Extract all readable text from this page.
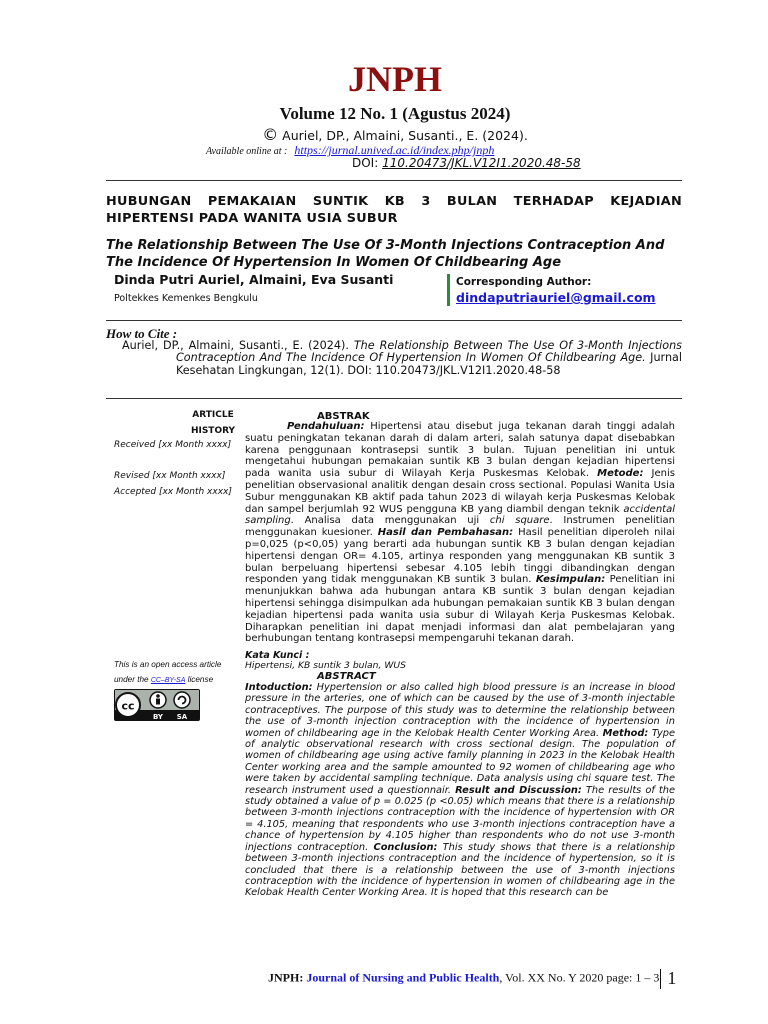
JNPH
Volume 12 No. 1 (Agustus 2024)
© Auriel, DP., Almaini, Susanti., E. (2024).
Available online at : https://jurnal.unived.ac.id/index.php/jnph
DOI: 110.20473/JKL.V12I1.2020.48-58
HUBUNGAN PEMAKAIAN SUNTIK KB 3 BULAN TERHADAP KEJADIAN HIPERTENSI PADA WANITA USIA SUBUR
The Relationship Between The Use Of 3-Month Injections Contraception And The Incidence Of Hypertension In Women Of Childbearing Age
Dinda Putri Auriel, Almaini, Eva Susanti
Poltekkes Kemenkes Bengkulu
Corresponding Author:
dindaputriauriel@gmail.com
How to Cite :
Auriel, DP., Almaini, Susanti., E. (2024). The Relationship Between The Use Of 3-Month Injections Contraception And The Incidence Of Hypertension In Women Of Childbearing Age. Jurnal Kesehatan Lingkungan, 12(1). DOI: 110.20473/JKL.V12I1.2020.48-58
ARTICLE
HISTORY
Received [xx Month xxxx]
Revised [xx Month xxxx]
Accepted [xx Month xxxx]
This is an open access article
under the CC–BY-SA license
cc
BY SA
ABSTRAK
Pendahuluan: Hipertensi atau disebut juga tekanan darah tinggi adalah suatu peningkatan tekanan darah di dalam arteri, salah satunya dapat disebabkan karena penggunaan kontrasepsi suntik 3 bulan. Tujuan penelitian ini untuk mengetahui hubungan pemakaian suntik KB 3 bulan dengan kejadian hipertensi pada wanita usia subur di Wilayah Kerja Puskesmas Kelobak. Metode: Jenis penelitian observasional analitik dengan desain cross sectional. Populasi Wanita Usia Subur menggunakan KB aktif pada tahun 2023 di wilayah kerja Puskesmas Kelobak dan sampel berjumlah 92 WUS pengguna KB yang diambil dengan teknik accidental sampling. Analisa data menggunakan uji chi square. Instrumen penelitian menggunakan kuesioner. Hasil dan Pembahasan: Hasil penelitian diperoleh nilai p=0,025 (p<0,05) yang berarti ada hubungan suntik KB 3 bulan dengan kejadian hipertensi dengan OR= 4.105, artinya responden yang menggunakan KB suntik 3 bulan berpeluang hipertensi sebesar 4.105 lebih tinggi dibandingkan dengan responden yang tidak menggunakan KB suntik 3 bulan. Kesimpulan: Penelitian ini menunjukkan bahwa ada hubungan antara KB suntik 3 bulan dengan kejadian hipertensi sehingga disimpulkan ada hubungan pemakaian suntik KB 3 bulan dengan kejadian hipertensi pada wanita usia subur di Wilayah Kerja Puskesmas Kelobak. Diharapkan penelitian ini dapat menjadi informasi dan alat pembelajaran yang berhubungan tentang kontrasepsi mempengaruhi tekanan darah.
Kata Kunci :
Hipertensi, KB suntik 3 bulan, WUS
ABSTRACT
Intoduction: Hypertension or also called high blood pressure is an increase in blood pressure in the arteries, one of which can be caused by the use of 3-month injectable contraceptives. The purpose of this study was to determine the relationship between the use of 3-month injection contraception with the incidence of hypertension in women of childbearing age in the Kelobak Health Center Working Area. Method: Type of analytic observational research with cross sectional design. The population of women of childbearing age using active family planning in 2023 in the Kelobak Health Center working area and the sample amounted to 92 women of childbearing age who were taken by accidental sampling technique. Data analysis using chi square test. The research instrument used a questionnair. Result and Discussion: The results of the study obtained a value of p = 0.025 (p <0.05) which means that there is a relationship between 3-month injections contraception with the incidence of hypertension with OR = 4.105, meaning that respondents who use 3-month injections contraception have a chance of hypertension by 4.105 higher than respondents who do not use 3-month injections contraception. Conclusion: This study shows that there is a relationship between 3-month injections contraception and the incidence of hypertension, so it is concluded that there is a relationship between the use of 3-month injections contraception with the incidence of hypertension in women of childbearing age in the Kelobak Health Center Working Area. It is hoped that this research can be
JNPH: Journal of Nursing and Public Health, Vol. XX No. Y 2020 page: 1 – 3 1
